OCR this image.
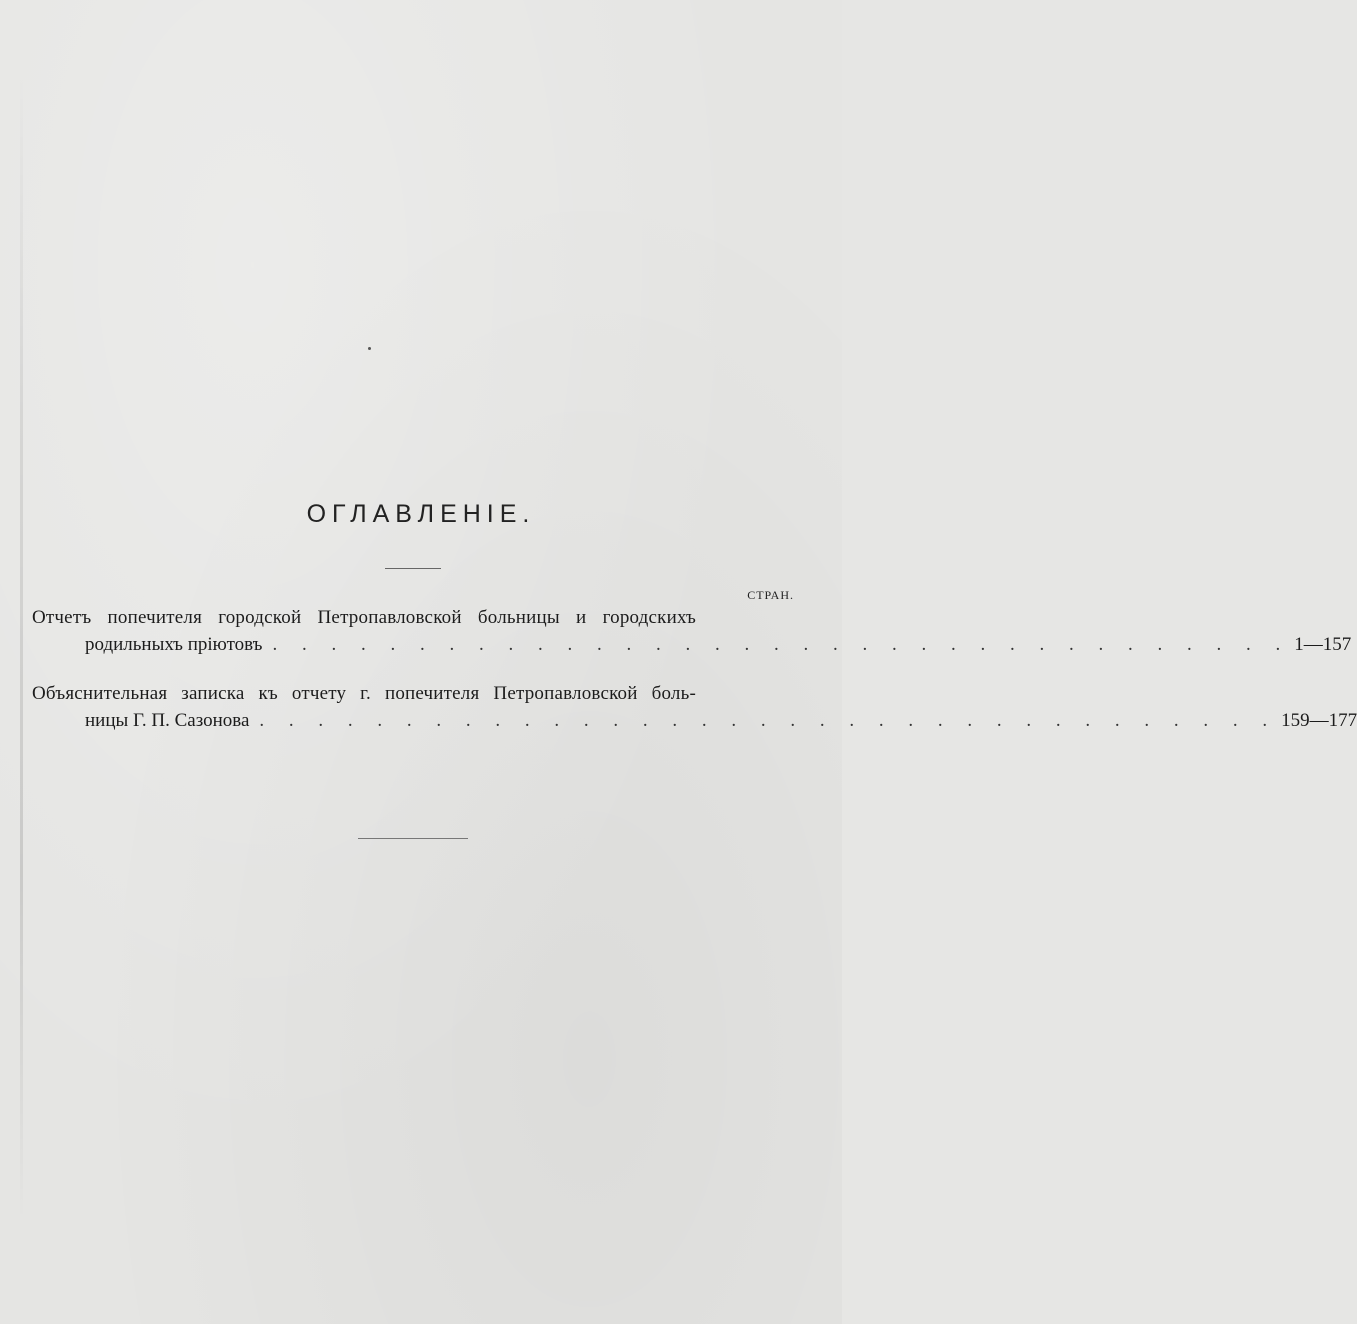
ОГЛАВЛЕНІЕ.
СТРАН.
Отчетъ попечителя городской Петропавловской больницы и городскихъ
родильныхъ пріютовъ . . . . . . . . . . . . . . . . . . . . . . . . . . . . . . . . . . . 1—157
Объяснительная записка къ отчету г. попечителя Петропавловской боль-
ницы Г. П. Сазонова . . . . . . . . . . . . . . . . . . . . . . . . . . . . . . . . . . . 159—177
